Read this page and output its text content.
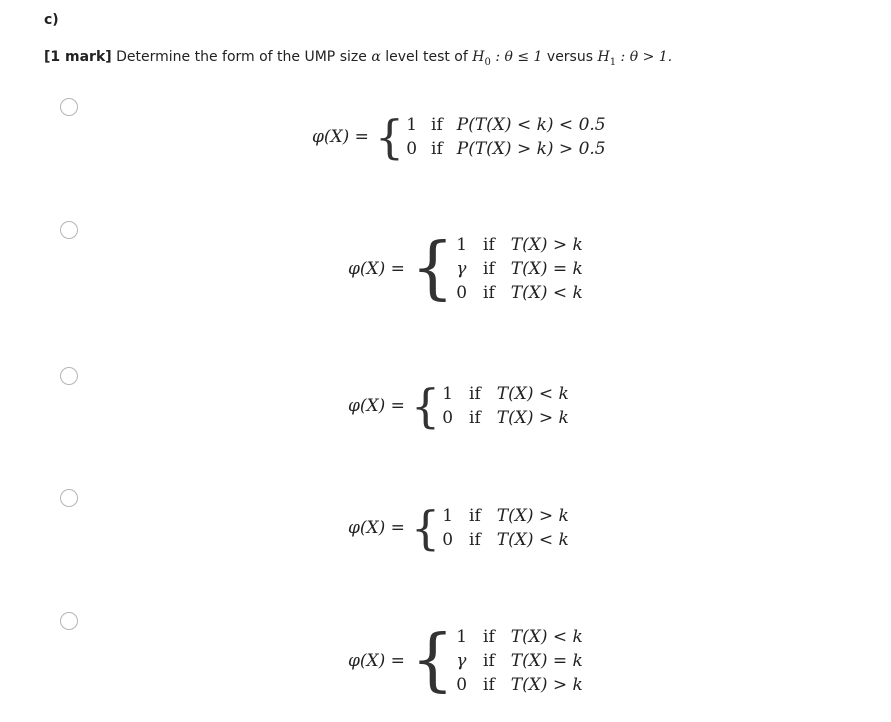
c)
[1 mark] Determine the form of the UMP size α level test of $H_0$ : θ ≤ 1 versus $H_1$ : θ > 1.
φ(X) = { 1 if P(T(X) < k) < 0.5
0 if P(T(X) > k) > 0.5
φ(X) = { 1 if T(X) > k
γ if T(X) = k
0 if T(X) < k
φ(X) = { 1 if T(X) < k
0 if T(X) > k
φ(X) = { 1 if T(X) > k
0 if T(X) < k
φ(X) = { 1 if T(X) < k
γ if T(X) = k
0 if T(X) > k
